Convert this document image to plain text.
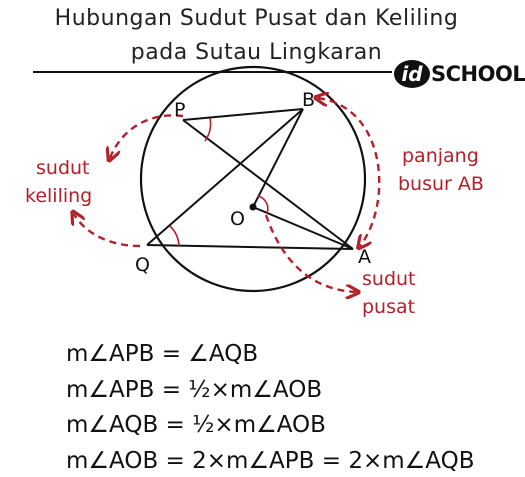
Hubungan Sudut Pusat dan Keliling
pada Sutau Lingkaran
id SCHOOL
P	B
O
A
Q
sudut
keliling
panjang
busur AB
sudut
pusat
m∠APB = ∠AQB
m∠APB = ½×m∠AOB
m∠AQB = ½×m∠AOB
m∠AOB = 2×m∠APB = 2×m∠AQB
